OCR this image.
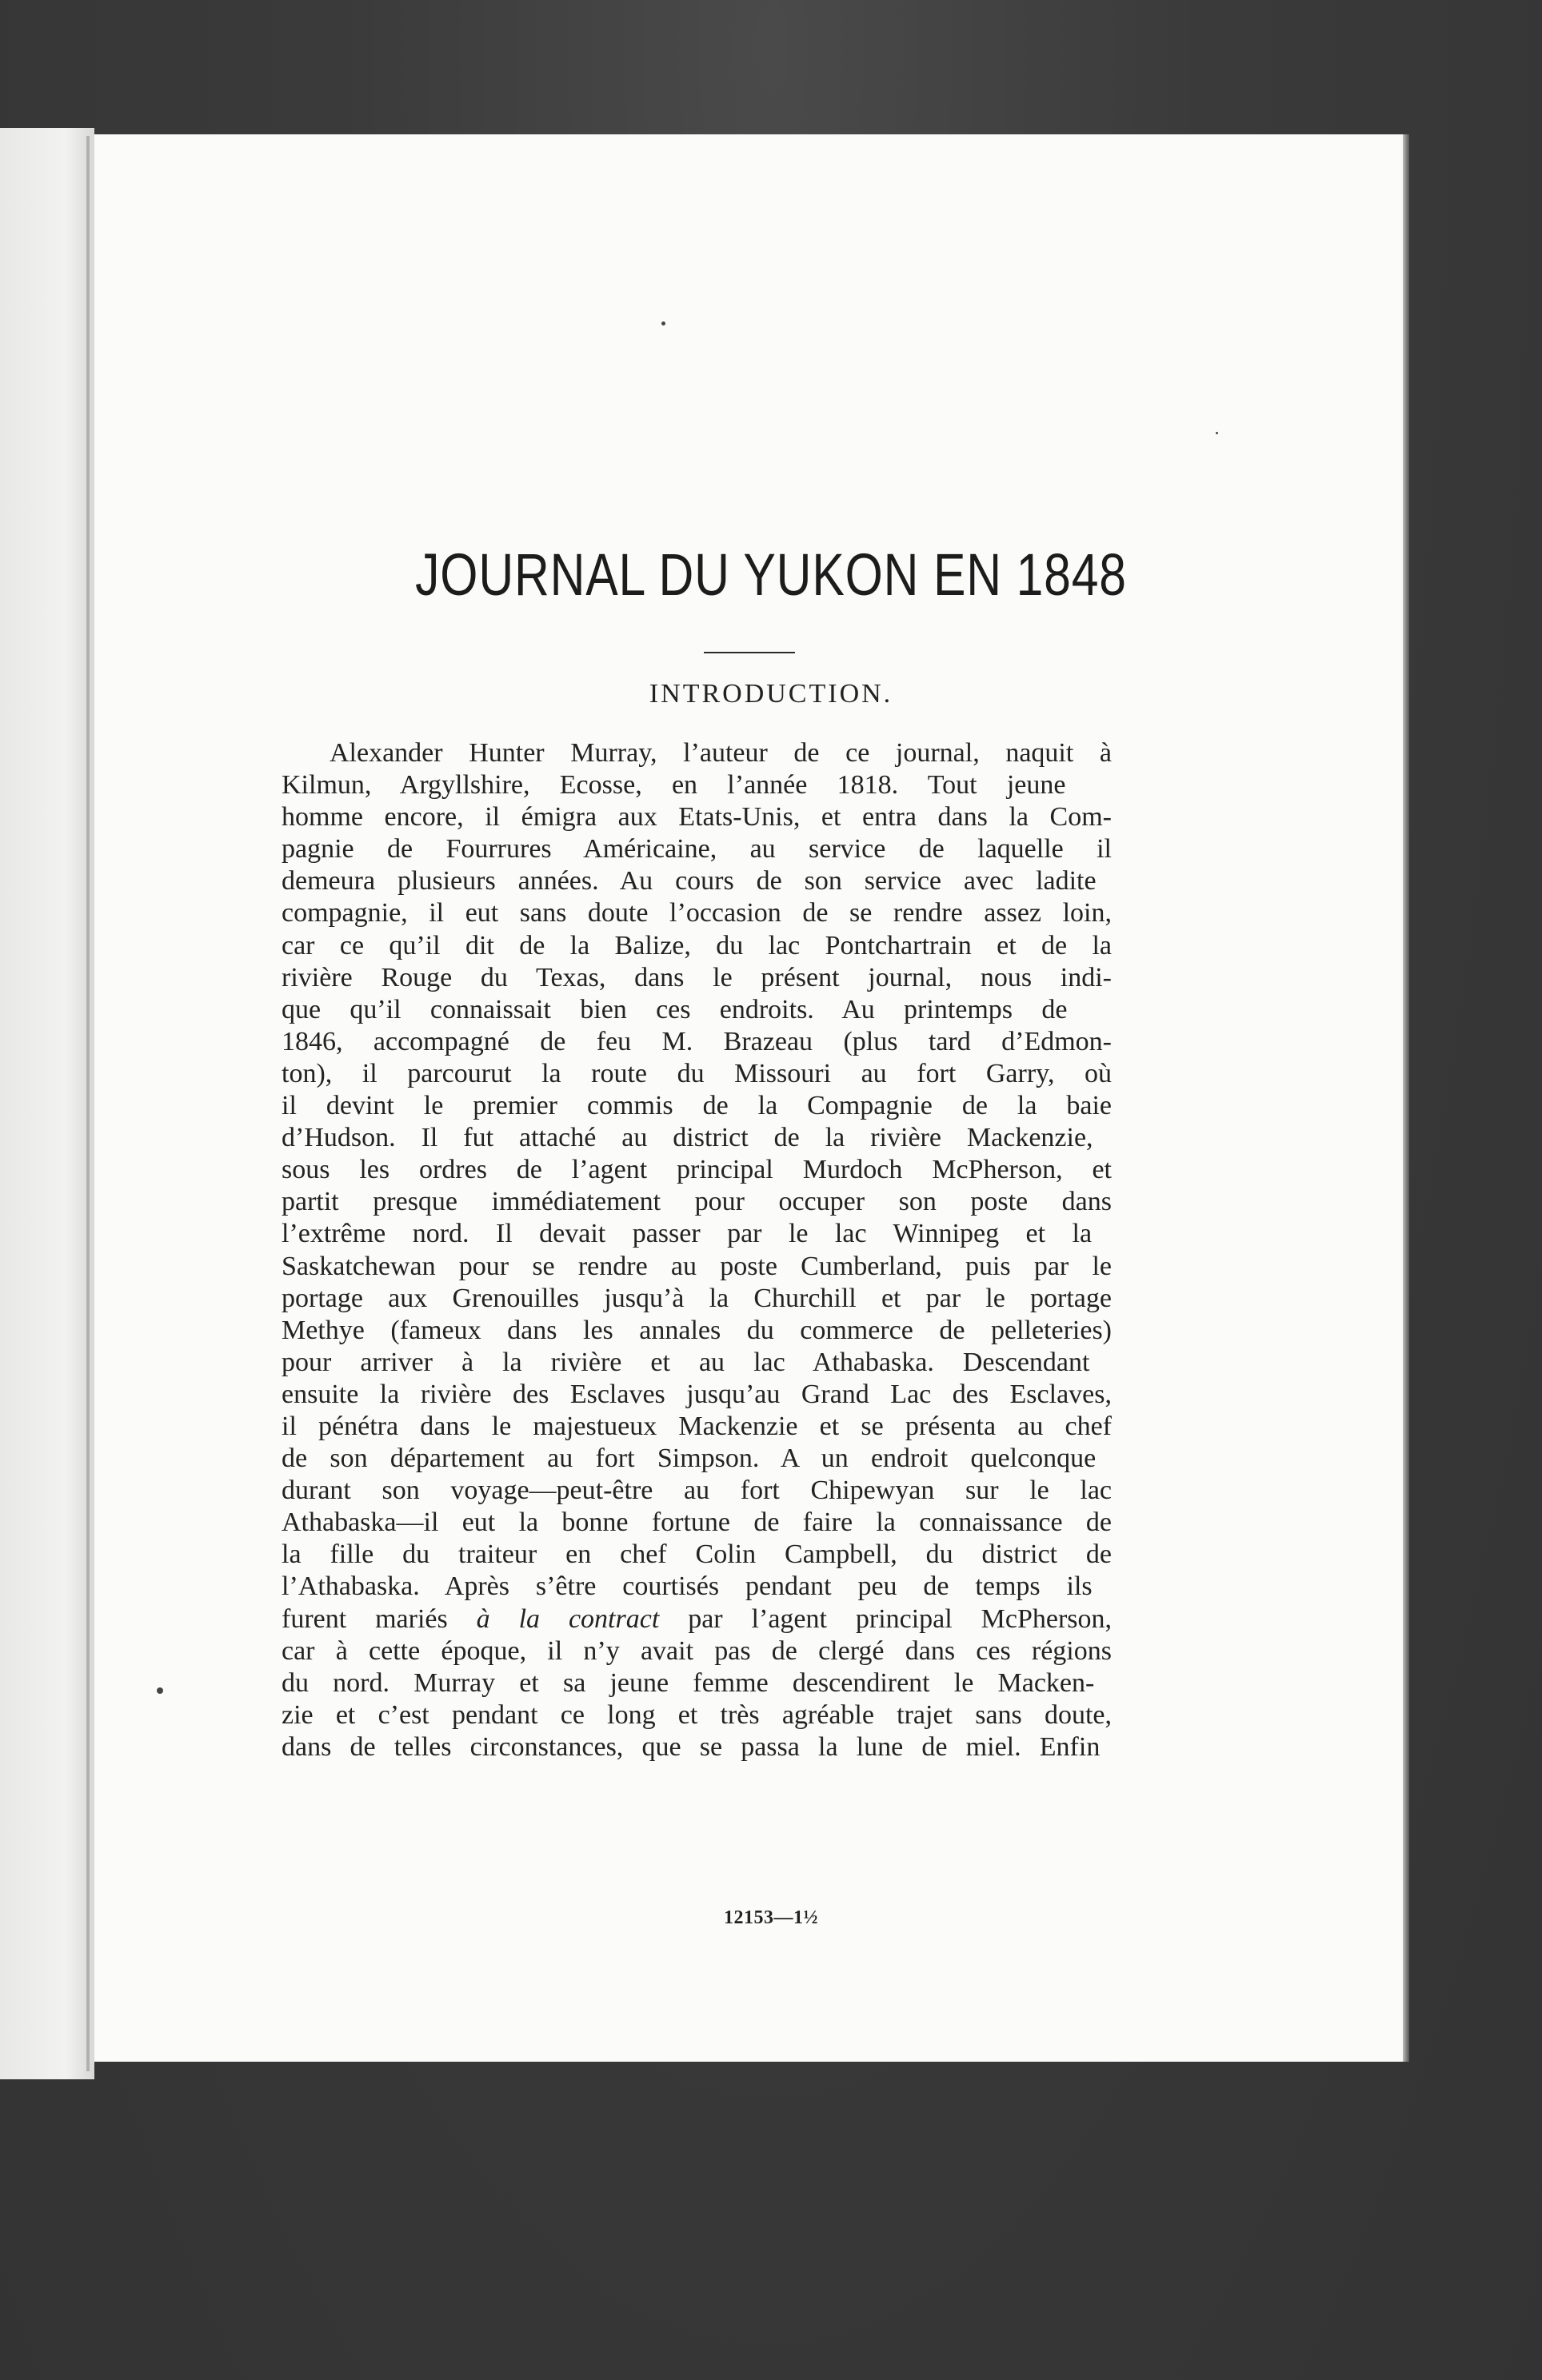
JOURNAL DU YUKON EN 1848
INTRODUCTION.
Alexander Hunter Murray, l’auteur de ce journal, naquit à
Kilmun, Argyllshire, Ecosse, en l’année 1818. Tout jeune
homme encore, il émigra aux Etats-Unis, et entra dans la Com-
pagnie de Fourrures Américaine, au service de laquelle il
demeura plusieurs années. Au cours de son service avec ladite
compagnie, il eut sans doute l’occasion de se rendre assez loin,
car ce qu’il dit de la Balize, du lac Pontchartrain et de la
rivière Rouge du Texas, dans le présent journal, nous indi-
que qu’il connaissait bien ces endroits. Au printemps de
1846, accompagné de feu M. Brazeau (plus tard d’Edmon-
ton), il parcourut la route du Missouri au fort Garry, où
il devint le premier commis de la Compagnie de la baie
d’Hudson. Il fut attaché au district de la rivière Mackenzie,
sous les ordres de l’agent principal Murdoch McPherson, et
partit presque immédiatement pour occuper son poste dans
l’extrême nord. Il devait passer par le lac Winnipeg et la
Saskatchewan pour se rendre au poste Cumberland, puis par le
portage aux Grenouilles jusqu’à la Churchill et par le portage
Methye (fameux dans les annales du commerce de pelleteries)
pour arriver à la rivière et au lac Athabaska. Descendant
ensuite la rivière des Esclaves jusqu’au Grand Lac des Esclaves,
il pénétra dans le majestueux Mackenzie et se présenta au chef
de son département au fort Simpson. A un endroit quelconque
durant son voyage—peut-être au fort Chipewyan sur le lac
Athabaska—il eut la bonne fortune de faire la connaissance de
la fille du traiteur en chef Colin Campbell, du district de
l’Athabaska. Après s’être courtisés pendant peu de temps ils
furent mariés à la contract par l’agent principal McPherson,
car à cette époque, il n’y avait pas de clergé dans ces régions
du nord. Murray et sa jeune femme descendirent le Macken-
zie et c’est pendant ce long et très agréable trajet sans doute,
dans de telles circonstances, que se passa la lune de miel. Enfin
12153—1½
